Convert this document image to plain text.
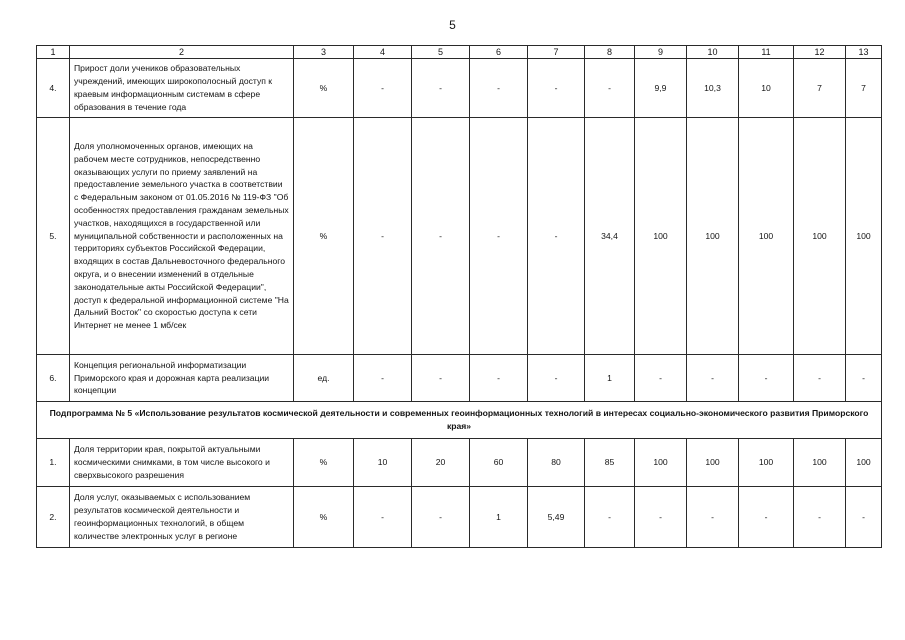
5
1	2	3	4	5	6	7	8	9	10	11	12	13
4.	Прирост доли учеников образовательных учреждений, имеющих широкополосный доступ к краевым информационным системам в сфере образования в течение года	%	-	-	-	-	-	9,9	10,3	10	7	7
5.	Доля уполномоченных органов, имеющих на рабочем месте сотрудников, непосредственно оказывающих услуги по приему заявлений на предоставление земельного участка в соответствии с Федеральным законом от 01.05.2016 № 119-ФЗ "Об особенностях предоставления гражданам земельных участков, находящихся в государственной или муниципальной собственности и расположенных на территориях субъектов Российской Федерации, входящих в состав Дальневосточного федерального округа, и о внесении изменений в отдельные законодательные акты Российской Федерации", доступ к федеральной информационной системе "На Дальний Восток" со скоростью доступа к сети Интернет не менее 1 мб/сек	%	-	-	-	-	34,4	100	100	100	100	100
6.	Концепция региональной информатизации Приморского края и дорожная карта реализации концепции	ед.	-	-	-	-	1	-	-	-	-	-
Подпрограмма № 5 «Использование результатов космической деятельности и современных геоинформационных технологий в интересах социально-экономического развития Приморского края»												
1.	Доля территории края, покрытой актуальными космическими снимками, в том числе высокого и сверхвысокого разрешения	%	10	20	60	80	85	100	100	100	100	100
2.	Доля услуг, оказываемых с использованием результатов космической деятельности и геоинформационных технологий, в общем количестве электронных услуг в регионе	%	-	-	1	5,49	-	-	-	-	-	-
